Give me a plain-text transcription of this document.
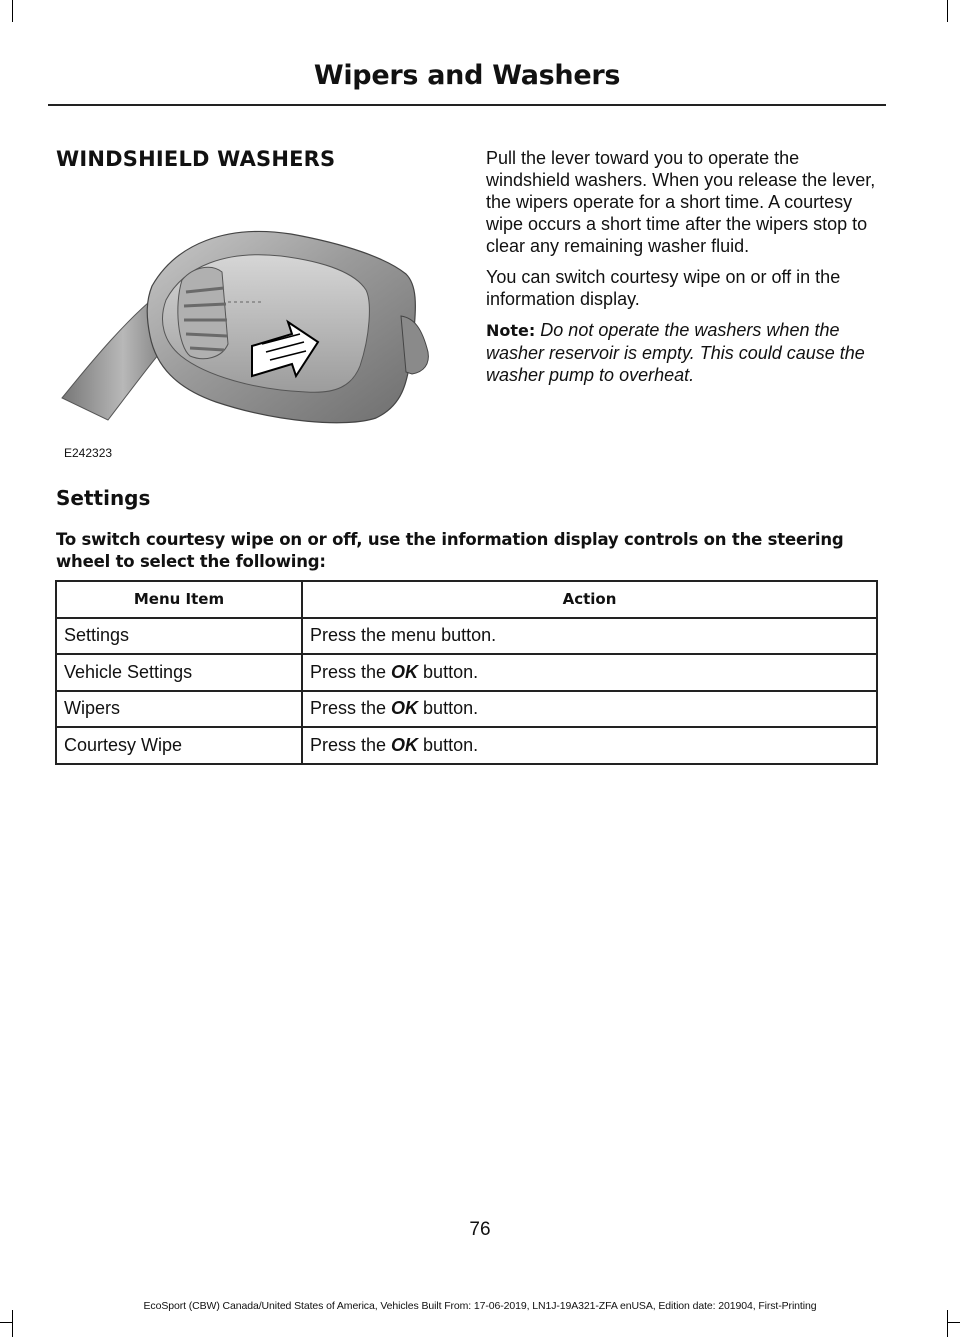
Wipers and Washers
WINDSHIELD WASHERS
E242323

Pull the lever toward you to operate the windshield washers. When you release the lever, the wipers operate for a short time. A courtesy wipe occurs a short time after the wipers stop to clear any remaining washer fluid.

You can switch courtesy wipe on or off in the information display.

Note: Do not operate the washers when the washer reservoir is empty. This could cause the washer pump to overheat.

Settings
To switch courtesy wipe on or off, use the information display controls on the steering wheel to select the following:
Menu Item	Action
Settings	Press the menu button.
Vehicle Settings	Press the OK button.
Wipers	Press the OK button.
Courtesy Wipe	Press the OK button.
76
EcoSport (CBW) Canada/United States of America, Vehicles Built From: 17-06-2019, LN1J-19A321-ZFA enUSA, Edition date: 201904, First-Printing
